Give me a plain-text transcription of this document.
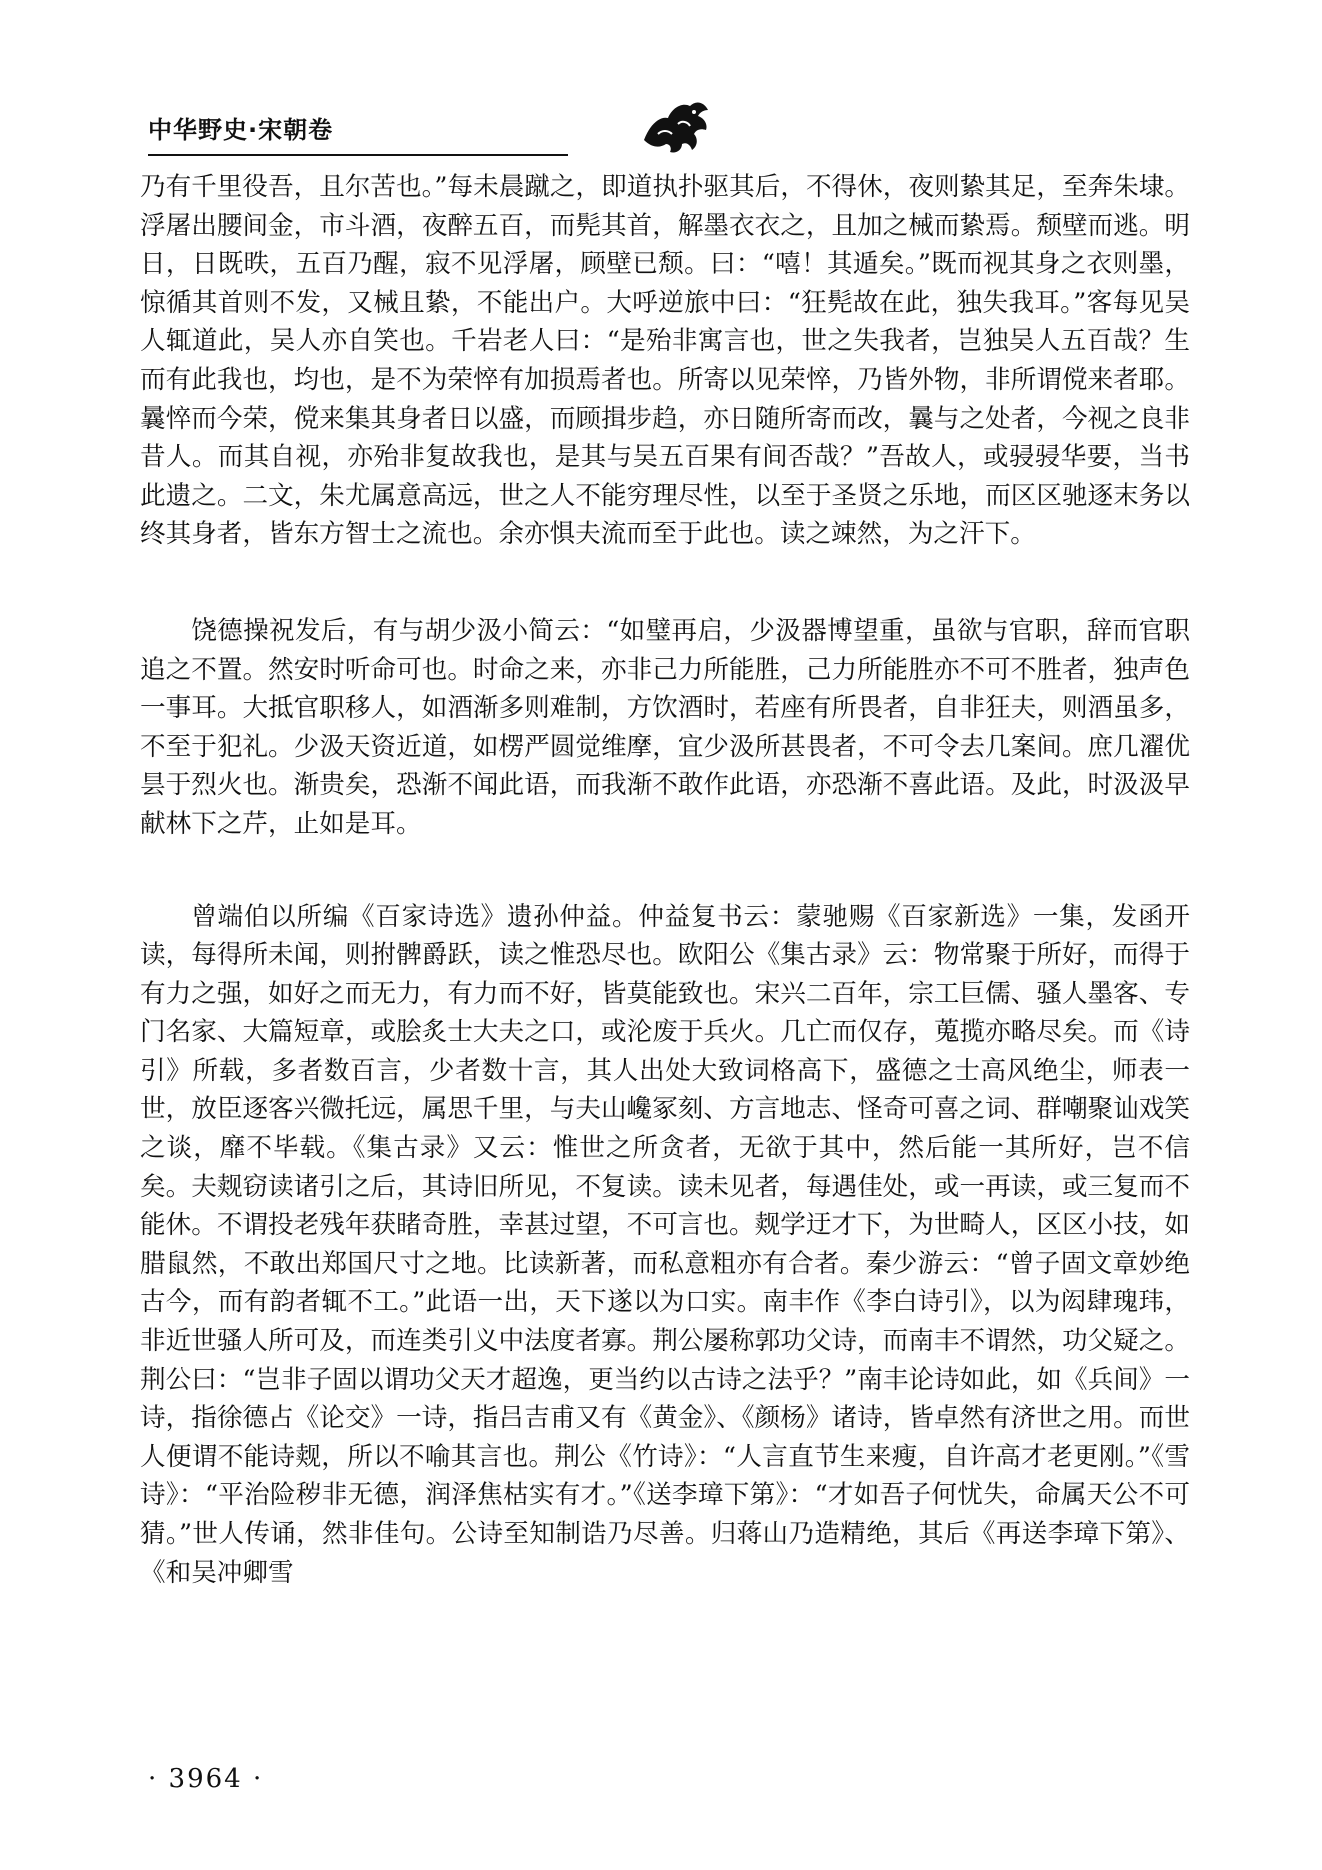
中华野史·宋朝卷

乃有千里役吾，且尔苦也。”每未晨蹴之，即道执扑驱其后，不得休，夜则絷其足，至奔朱埭。浮屠出腰间金，市斗酒，夜醉五百，而髡其首，解墨衣衣之，且加之械而絷焉。颓壁而逃。明日，日既昳，五百乃醒，寂不见浮屠，顾壁已颓。曰：“嘻！其遁矣。”既而视其身之衣则墨，惊循其首则不发，又械且絷，不能出户。大呼逆旅中曰：“狂髡故在此，独失我耳。”客每见吴人辄道此，吴人亦自笑也。千岩老人曰：“是殆非寓言也，世之失我者，岂独吴人五百哉？生而有此我也，均也，是不为荣悴有加损焉者也。所寄以见荣悴，乃皆外物，非所谓傥来者耶。曩悴而今荣，傥来集其身者日以盛，而顾揖步趋，亦日随所寄而改，曩与之处者，今视之良非昔人。而其自视，亦殆非复故我也，是其与吴五百果有间否哉？”吾故人，或骎骎华要，当书此遗之。二文，朱尤属意高远，世之人不能穷理尽性，以至于圣贤之乐地，而区区驰逐末务以终其身者，皆东方智士之流也。余亦惧夫流而至于此也。读之竦然，为之汗下。

饶德操祝发后，有与胡少汲小简云：“如璧再启，少汲器博望重，虽欲与官职，辞而官职追之不置。然安时听命可也。时命之来，亦非己力所能胜，己力所能胜亦不可不胜者，独声色一事耳。大抵官职移人，如酒渐多则难制，方饮酒时，若座有所畏者，自非狂夫，则酒虽多，不至于犯礼。少汲天资近道，如楞严圆觉维摩，宜少汲所甚畏者，不可令去几案间。庶几濯优昙于烈火也。渐贵矣，恐渐不闻此语，而我渐不敢作此语，亦恐渐不喜此语。及此，时汲汲早献林下之芹，止如是耳。

曾端伯以所编《百家诗选》遗孙仲益。仲益复书云：蒙驰赐《百家新选》一集，发函开读，每得所未闻，则拊髀爵跃，读之惟恐尽也。欧阳公《集古录》云：物常聚于所好，而得于有力之强，如好之而无力，有力而不好，皆莫能致也。宋兴二百年，宗工巨儒、骚人墨客、专门名家、大篇短章，或脍炙士大夫之口，或沦废于兵火。几亡而仅存，蒐揽亦略尽矣。而《诗引》所载，多者数百言，少者数十言，其人出处大致词格高下，盛德之士高风绝尘，师表一世，放臣逐客兴微托远，属思千里，与夫山巉冢刻、方言地志、怪奇可喜之词、群嘲聚讪戏笑之谈，靡不毕载。《集古录》又云：惟世之所贪者，无欲于其中，然后能一其所好，岂不信矣。夫觌窃读诸引之后，其诗旧所见，不复读。读未见者，每遇佳处，或一再读，或三复而不能休。不谓投老残年获睹奇胜，幸甚过望，不可言也。觌学迂才下，为世畸人，区区小技，如腊鼠然，不敢出郑国尺寸之地。比读新著，而私意粗亦有合者。秦少游云：“曾子固文章妙绝古今，而有韵者辄不工。”此语一出，天下遂以为口实。南丰作《李白诗引》，以为闳肆瑰玮，非近世骚人所可及，而连类引义中法度者寡。荆公屡称郭功父诗，而南丰不谓然，功父疑之。荆公曰：“岂非子固以谓功父天才超逸，更当约以古诗之法乎？”南丰论诗如此，如《兵间》一诗，指徐德占《论交》一诗，指吕吉甫又有《黄金》、《颜杨》诸诗，皆卓然有济世之用。而世人便谓不能诗觌，所以不喻其言也。荆公《竹诗》：“人言直节生来瘦，自许高才老更刚。”《雪诗》：“平治险秽非无德，润泽焦枯实有才。”《送李璋下第》：“才如吾子何忧失，命属天公不可猜。”世人传诵，然非佳句。公诗至知制诰乃尽善。归蒋山乃造精绝，其后《再送李璋下第》、《和吴冲卿雪

· 3964 ·
